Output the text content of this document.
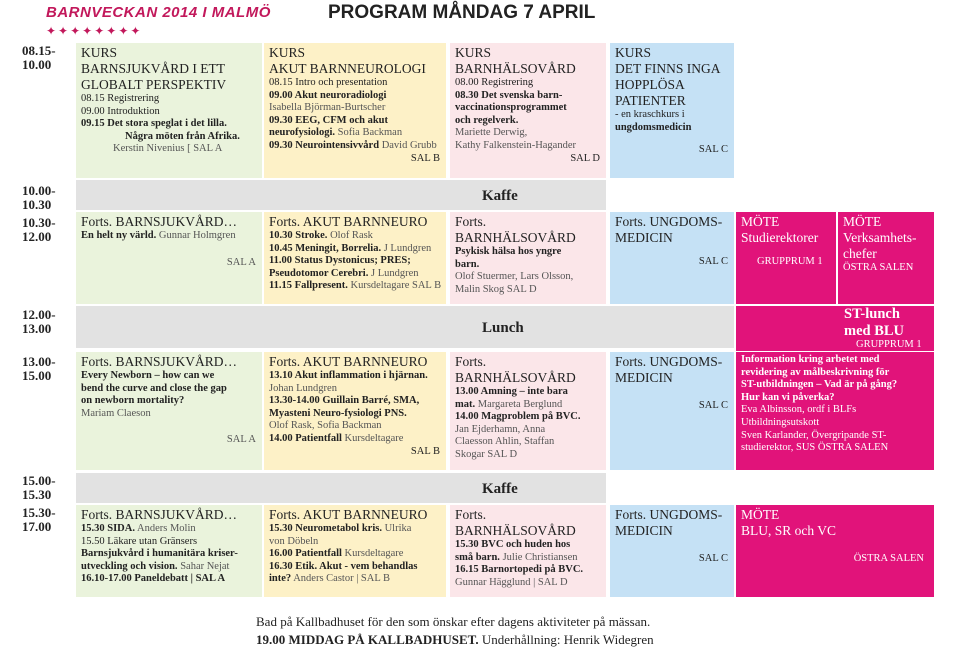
BARNVECKAN 2014 I MALMÖ
✦✦✦✦✦✦✦✦
PROGRAM MÅNDAG 7 APRIL
08.15-
10.00
10.00-
10.30
10.30-
12.00
12.00-
13.00
13.00-
15.00
15.00-
15.30
15.30-
17.00
Kaffe
Lunch
Kaffe
KURS
BARNSJUKVÅRD I ETT
GLOBALT PERSPEKTIV
08.15 Registrering
09.00 Introduktion
09.15 Det stora speglat i det lilla.
Några möten från Afrika.
Kerstin Nivenius [ SAL A
Forts. BARNSJUKVÅRD…
En helt ny värld. Gunnar Holmgren
SAL A
Forts. BARNSJUKVÅRD…
Every Newborn – how can we
bend the curve and close the gap
on newborn mortality?
Mariam Claeson
SAL A
Forts. BARNSJUKVÅRD…
15.30 SIDA. Anders Molin
15.50 Läkare utan Gränsers
Barnsjukvård i humanitära kriser-
utveckling och vision. Sahar Nejat
16.10-17.00 Paneldebatt | SAL A
KURS
AKUT BARNNEUROLOGI
08.15 Intro och presentation
09.00 Akut neuroradiologi
Isabella Björman-Burtscher
09.30 EEG, CFM och akut
neurofysiologi. Sofia Backman
09.30 Neurointensivvård David Grubb
SAL B
Forts. AKUT BARNNEURO
10.30 Stroke. Olof Rask
10.45 Meningit, Borrelia. J Lundgren
11.00 Status Dystonicus; PRES;
Pseudotomor Cerebri. J Lundgren
11.15 Fallpresent. Kursdeltagare SAL B
Forts. AKUT BARNNEURO
13.10 Akut inflammation i hjärnan.
Johan Lundgren
13.30-14.00 Guillain Barré, SMA,
Myasteni Neuro-fysiologi PNS.
Olof Rask, Sofia Backman
14.00 Patientfall Kursdeltagare
SAL B
Forts. AKUT BARNNEURO
15.30 Neurometabol kris. Ulrika
von Döbeln
16.00 Patientfall Kursdeltagare
16.30 Etik. Akut - vem behandlas
inte? Anders Castor | SAL B
KURS
BARNHÄLSOVÅRD
08.00 Registrering
08.30 Det svenska barn-
vaccinationsprogrammet
och regelverk.
Mariette Derwig,
Kathy Falkenstein-Hagander
SAL D
Forts.
BARNHÄLSOVÅRD
Psykisk hälsa hos yngre
barn.
Olof Stuermer, Lars Olsson,
Malin Skog SAL D
Forts.
BARNHÄLSOVÅRD
13.00 Amning – inte bara
mat. Margareta Berglund
14.00 Magproblem på BVC.
Jan Ejderhamn, Anna
Claesson Ahlin, Staffan
Skogar SAL D
Forts.
BARNHÄLSOVÅRD
15.30 BVC och huden hos
små barn. Julie Christiansen
16.15 Barnortopedi på BVC.
Gunnar Hägglund | SAL D
KURS
DET FINNS INGA
HOPPLÖSA
PATIENTER
- en kraschkurs i
ungdomsmedicin
SAL C
Forts. UNGDOMS-
MEDICIN
SAL C
Forts. UNGDOMS-
MEDICIN
SAL C
Forts. UNGDOMS-
MEDICIN
SAL C
MÖTE
Studierektorer
GRUPPRUM 1
MÖTE
Verksamhets-
chefer
ÖSTRA SALEN
ST-lunch
med BLU
GRUPPRUM 1
Information kring arbetet med
revidering av målbeskrivning för
ST-utbildningen – Vad är på gång?
Hur kan vi påverka?
Eva Albinsson, ordf i BLFs
Utbildningsutskott
Sven Karlander, Övergripande ST-
studierektor, SUS ÖSTRA SALEN
MÖTE
BLU, SR och VC
ÖSTRA SALEN
Bad på Kallbadhuset för den som önskar efter dagens aktiviteter på mässan.
19.00 MIDDAG PÅ KALLBADHUSET. Underhållning: Henrik Widegren
